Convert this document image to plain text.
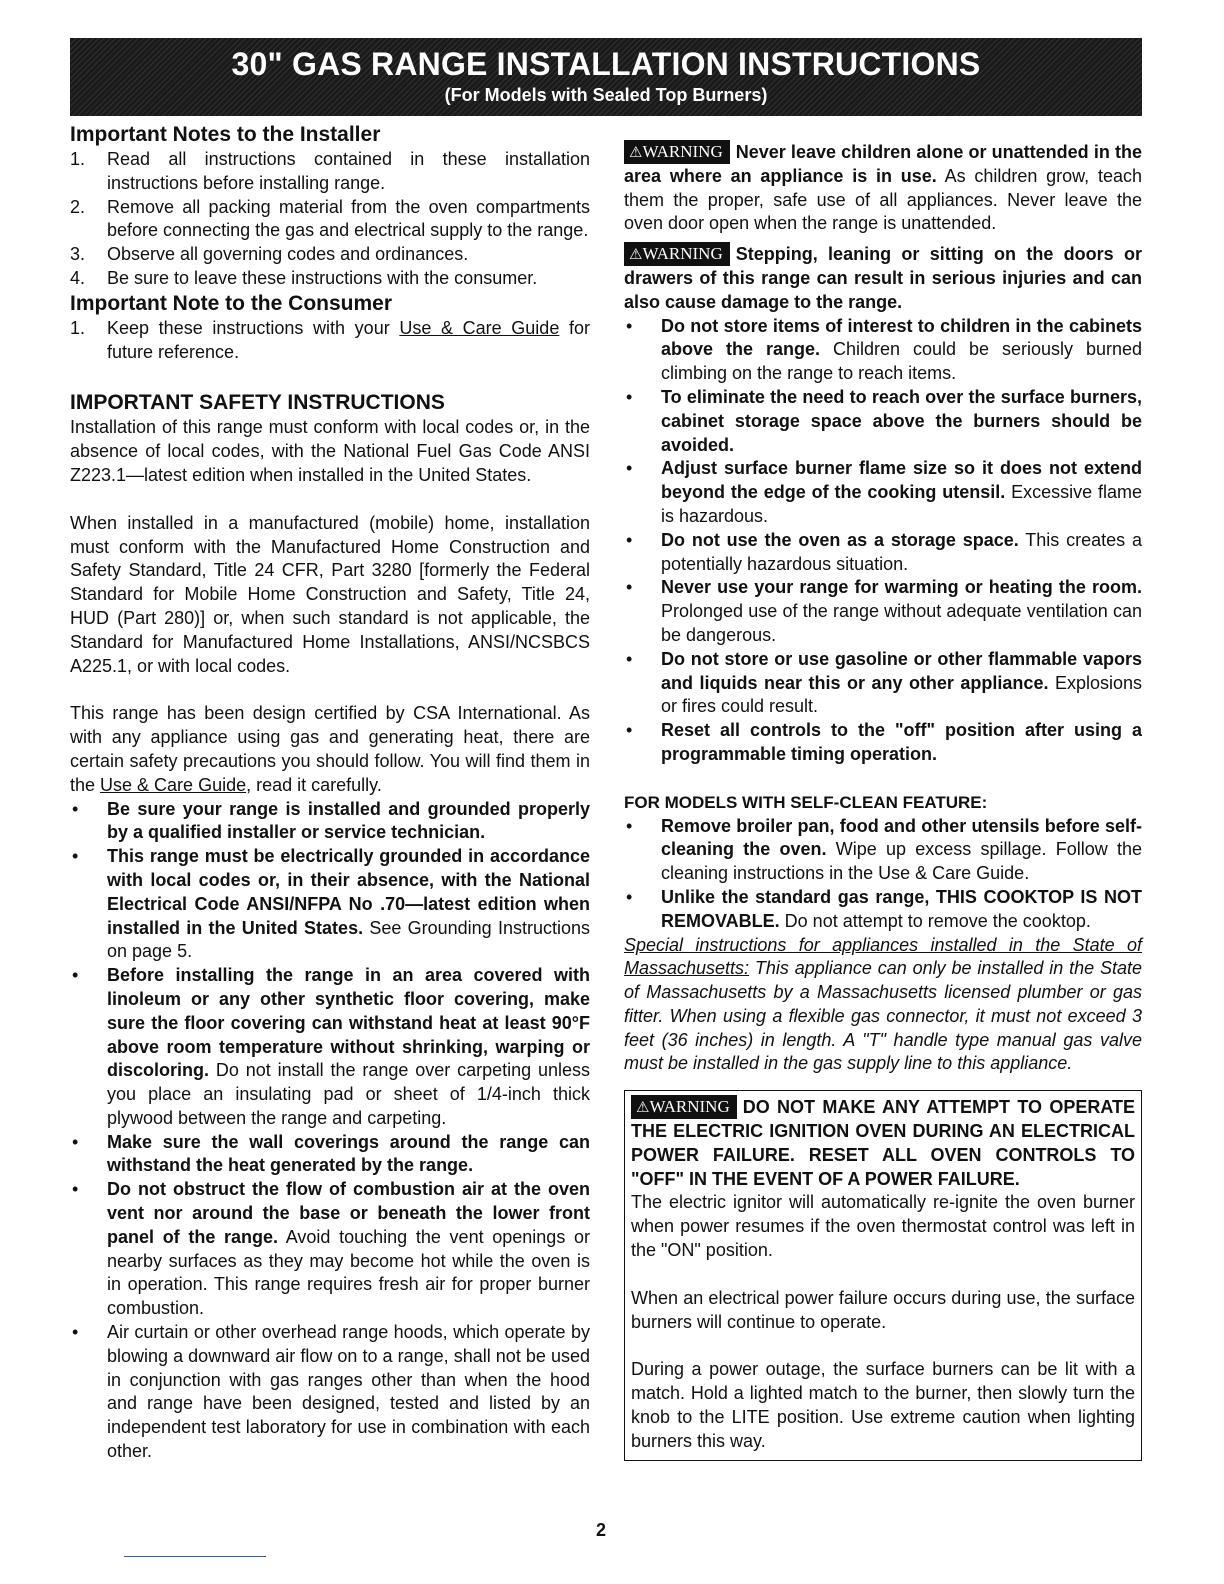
30" GAS RANGE INSTALLATION INSTRUCTIONS
(For Models with Sealed Top Burners)
Important Notes to the Installer
1. Read all instructions contained in these installation instructions before installing range.
2. Remove all packing material from the oven compartments before connecting the gas and electrical supply to the range.
3. Observe all governing codes and ordinances.
4. Be sure to leave these instructions with the consumer.
Important Note to the Consumer
1. Keep these instructions with your Use & Care Guide for future reference.
IMPORTANT SAFETY INSTRUCTIONS

Installation of this range must conform with local codes or, in the absence of local codes, with the National Fuel Gas Code ANSI Z223.1—latest edition when installed in the United States.

When installed in a manufactured (mobile) home, installation must conform with the Manufactured Home Construction and Safety Standard, Title 24 CFR, Part 3280 [formerly the Federal Standard for Mobile Home Construction and Safety, Title 24, HUD (Part 280)] or, when such standard is not applicable, the Standard for Manufactured Home Installations, ANSI/NCSBCS A225.1, or with local codes.

This range has been design certified by CSA International. As with any appliance using gas and generating heat, there are certain safety precautions you should follow. You will find them in the Use & Care Guide, read it carefully.

• Be sure your range is installed and grounded properly by a qualified installer or service technician.
• This range must be electrically grounded in accordance with local codes or, in their absence, with the National Electrical Code ANSI/NFPA No .70—latest edition when installed in the United States. See Grounding Instructions on page 5.
• Before installing the range in an area covered with linoleum or any other synthetic floor covering, make sure the floor covering can withstand heat at least 90°F above room temperature without shrinking, warping or discoloring. Do not install the range over carpeting unless you place an insulating pad or sheet of 1/4-inch thick plywood between the range and carpeting.
• Make sure the wall coverings around the range can withstand the heat generated by the range.
• Do not obstruct the flow of combustion air at the oven vent nor around the base or beneath the lower front panel of the range. Avoid touching the vent openings or nearby surfaces as they may become hot while the oven is in operation. This range requires fresh air for proper burner combustion.
• Air curtain or other overhead range hoods, which operate by blowing a downward air flow on to a range, shall not be used in conjunction with gas ranges other than when the hood and range have been designed, tested and listed by an independent test laboratory for use in combination with each other.

⚠WARNING Never leave children alone or unattended in the area where an appliance is in use. As children grow, teach them the proper, safe use of all appliances. Never leave the oven door open when the range is unattended.

⚠WARNING Stepping, leaning or sitting on the doors or drawers of this range can result in serious injuries and can also cause damage to the range.

• Do not store items of interest to children in the cabinets above the range. Children could be seriously burned climbing on the range to reach items.
• To eliminate the need to reach over the surface burners, cabinet storage space above the burners should be avoided.
• Adjust surface burner flame size so it does not extend beyond the edge of the cooking utensil. Excessive flame is hazardous.
• Do not use the oven as a storage space. This creates a potentially hazardous situation.
• Never use your range for warming or heating the room. Prolonged use of the range without adequate ventilation can be dangerous.
• Do not store or use gasoline or other flammable vapors and liquids near this or any other appliance. Explosions or fires could result.
• Reset all controls to the "off" position after using a programmable timing operation.
FOR MODELS WITH SELF-CLEAN FEATURE:
• Remove broiler pan, food and other utensils before self-cleaning the oven. Wipe up excess spillage. Follow the cleaning instructions in the Use & Care Guide.
• Unlike the standard gas range, THIS COOKTOP IS NOT REMOVABLE. Do not attempt to remove the cooktop.

Special instructions for appliances installed in the State of Massachusetts: This appliance can only be installed in the State of Massachusetts by a Massachusetts licensed plumber or gas fitter. When using a flexible gas connector, it must not exceed 3 feet (36 inches) in length. A "T" handle type manual gas valve must be installed in the gas supply line to this appliance.

⚠WARNING DO NOT MAKE ANY ATTEMPT TO OPERATE THE ELECTRIC IGNITION OVEN DURING AN ELECTRICAL POWER FAILURE. RESET ALL OVEN CONTROLS TO "OFF" IN THE EVENT OF A POWER FAILURE.

The electric ignitor will automatically re-ignite the oven burner when power resumes if the oven thermostat control was left in the "ON" position.

When an electrical power failure occurs during use, the surface burners will continue to operate.

During a power outage, the surface burners can be lit with a match. Hold a lighted match to the burner, then slowly turn the knob to the LITE position. Use extreme caution when lighting burners this way.

2
